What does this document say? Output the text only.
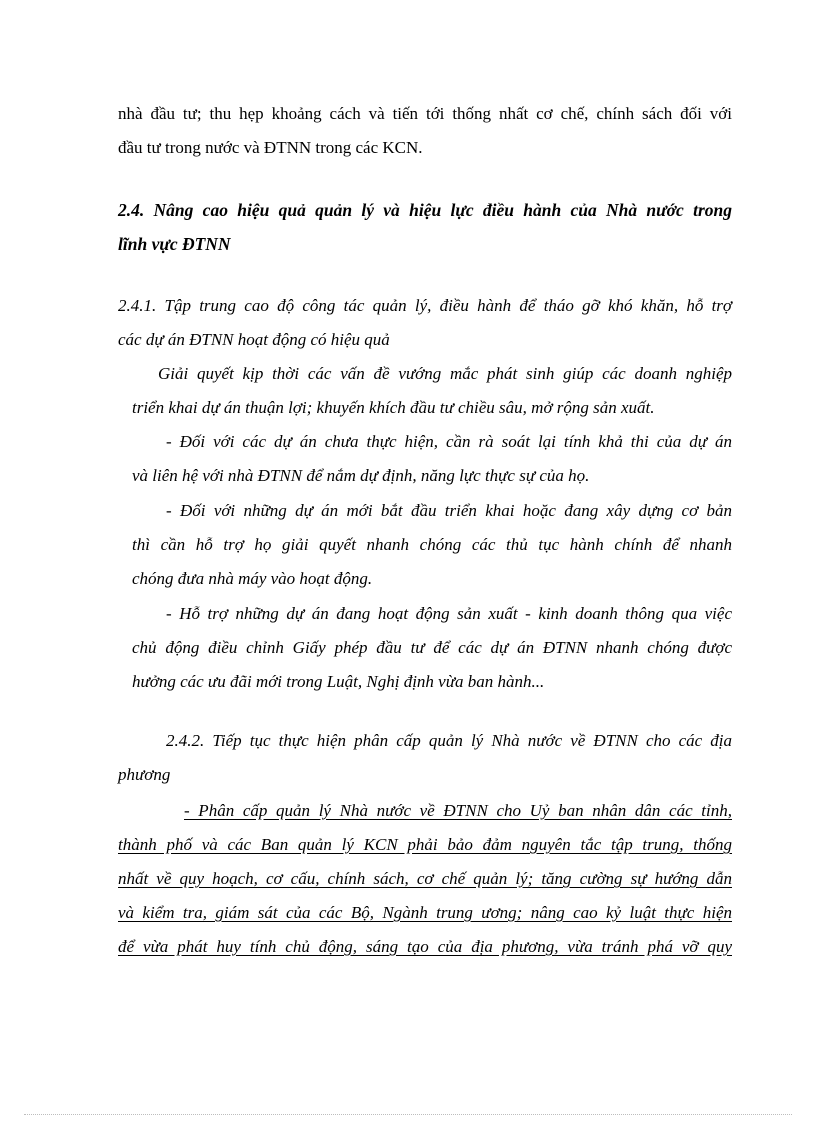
nhà đầu tư; thu hẹp khoảng cách và tiến tới thống nhất cơ chế, chính sách đối với
đầu tư trong nước và ĐTNN trong các KCN.
2.4. Nâng cao hiệu quả quản lý và hiệu lực điều hành của Nhà nước trong
lĩnh vực ĐTNN
2.4.1. Tập trung cao độ công tác quản lý, điều hành để tháo gỡ khó khăn, hỗ trợ
các dự án ĐTNN hoạt động có hiệu quả
Giải quyết kịp thời các vấn đề vướng mắc phát sinh giúp các doanh nghiệp
triển khai dự án thuận lợi; khuyến khích đầu tư chiều sâu, mở rộng sản xuất.
- Đối với các dự án chưa thực hiện, cần rà soát lại tính khả thi của dự án
và liên hệ với nhà ĐTNN để nắm dự định, năng lực thực sự của họ.
- Đối với những dự án mới bắt đầu triển khai hoặc đang xây dựng cơ bản
thì cần hỗ trợ họ giải quyết nhanh chóng các thủ tục hành chính để nhanh
chóng đưa nhà máy vào hoạt động.
- Hỗ trợ những dự án đang hoạt động sản xuất - kinh doanh thông qua việc
chủ động điều chỉnh Giấy phép đầu tư để các dự án ĐTNN nhanh chóng được
hưởng các ưu đãi mới trong Luật, Nghị định vừa ban hành...
2.4.2. Tiếp tục thực hiện phân cấp quản lý Nhà nước về ĐTNN cho các địa
phương
- Phân cấp quản lý Nhà nước về ĐTNN cho Uỷ ban nhân dân các tỉnh,
thành phố và các Ban quản lý KCN phải bảo đảm nguyên tắc tập trung, thống
nhất về quy hoạch, cơ cấu, chính sách, cơ chế quản lý; tăng cường sự hướng dẫn
và kiểm tra, giám sát của các Bộ, Ngành trung ương; nâng cao kỷ luật thực hiện
để vừa phát huy tính chủ động, sáng tạo của địa phương, vừa tránh phá vỡ quy
